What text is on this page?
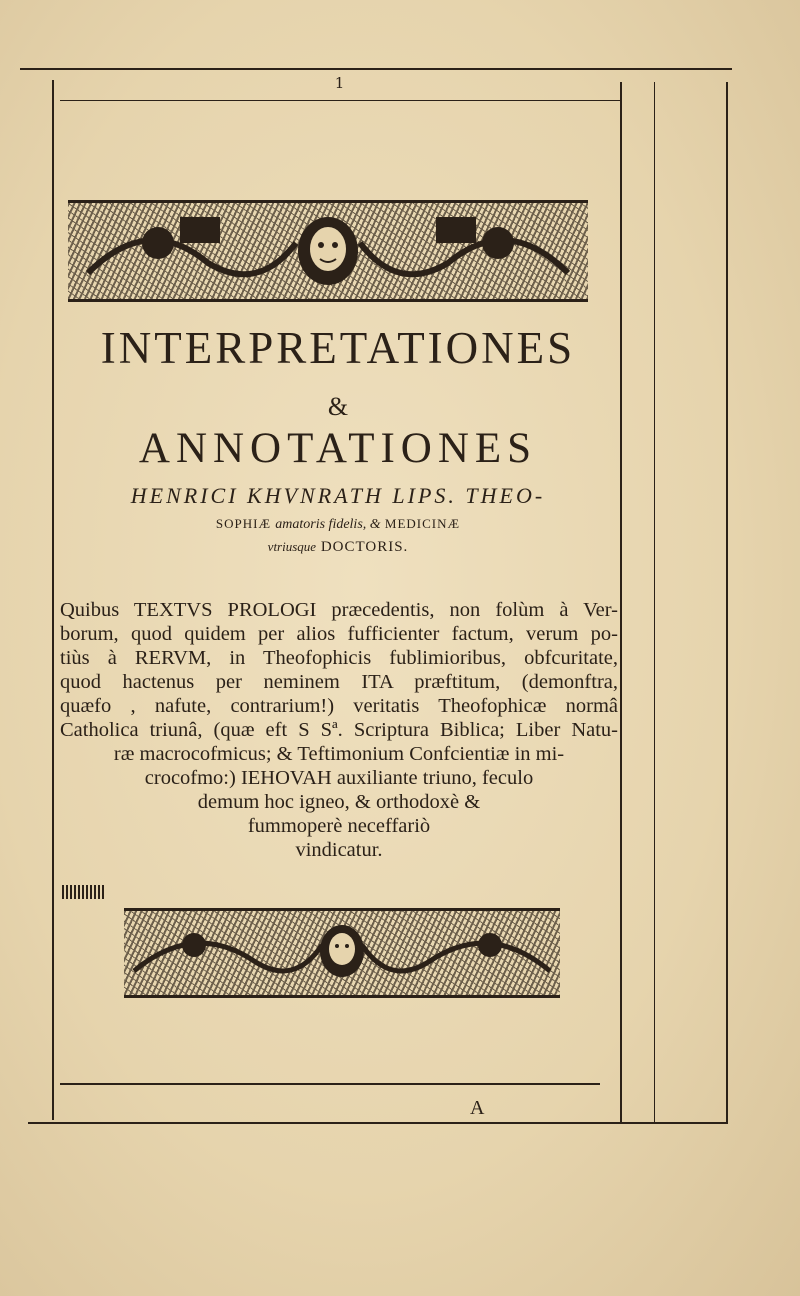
1
INTERPRETATIONES
&
ANNOTATIONES
HENRICI KHVNRATH LIPS. THEO-
SOPHIÆ amatoris fidelis, & MEDICINÆ
vtriusque DOCTORIS.
Quibus TEXTVS PROLOGI præcedentis, non folùm à Ver-
borum, quod quidem per alios fufficienter factum, verum po-
tiùs à RERVM, in Theofophicis fublimioribus, obfcuritate,
quod hactenus per neminem ITA præftitum, (demonftra,
quæfo , nafute, contrarium!) veritatis Theofophicæ normâ
Catholica triunâ, (quæ eft S Sª. Scriptura Biblica; Liber Natu-
ræ macrocofmicus; & Teftimonium Confcientiæ in mi-
crocofmo:) IEHOVAH auxiliante triuno, feculo
demum hoc igneo, & orthodoxè &
fummoperè neceffariò
vindicatur.
A
